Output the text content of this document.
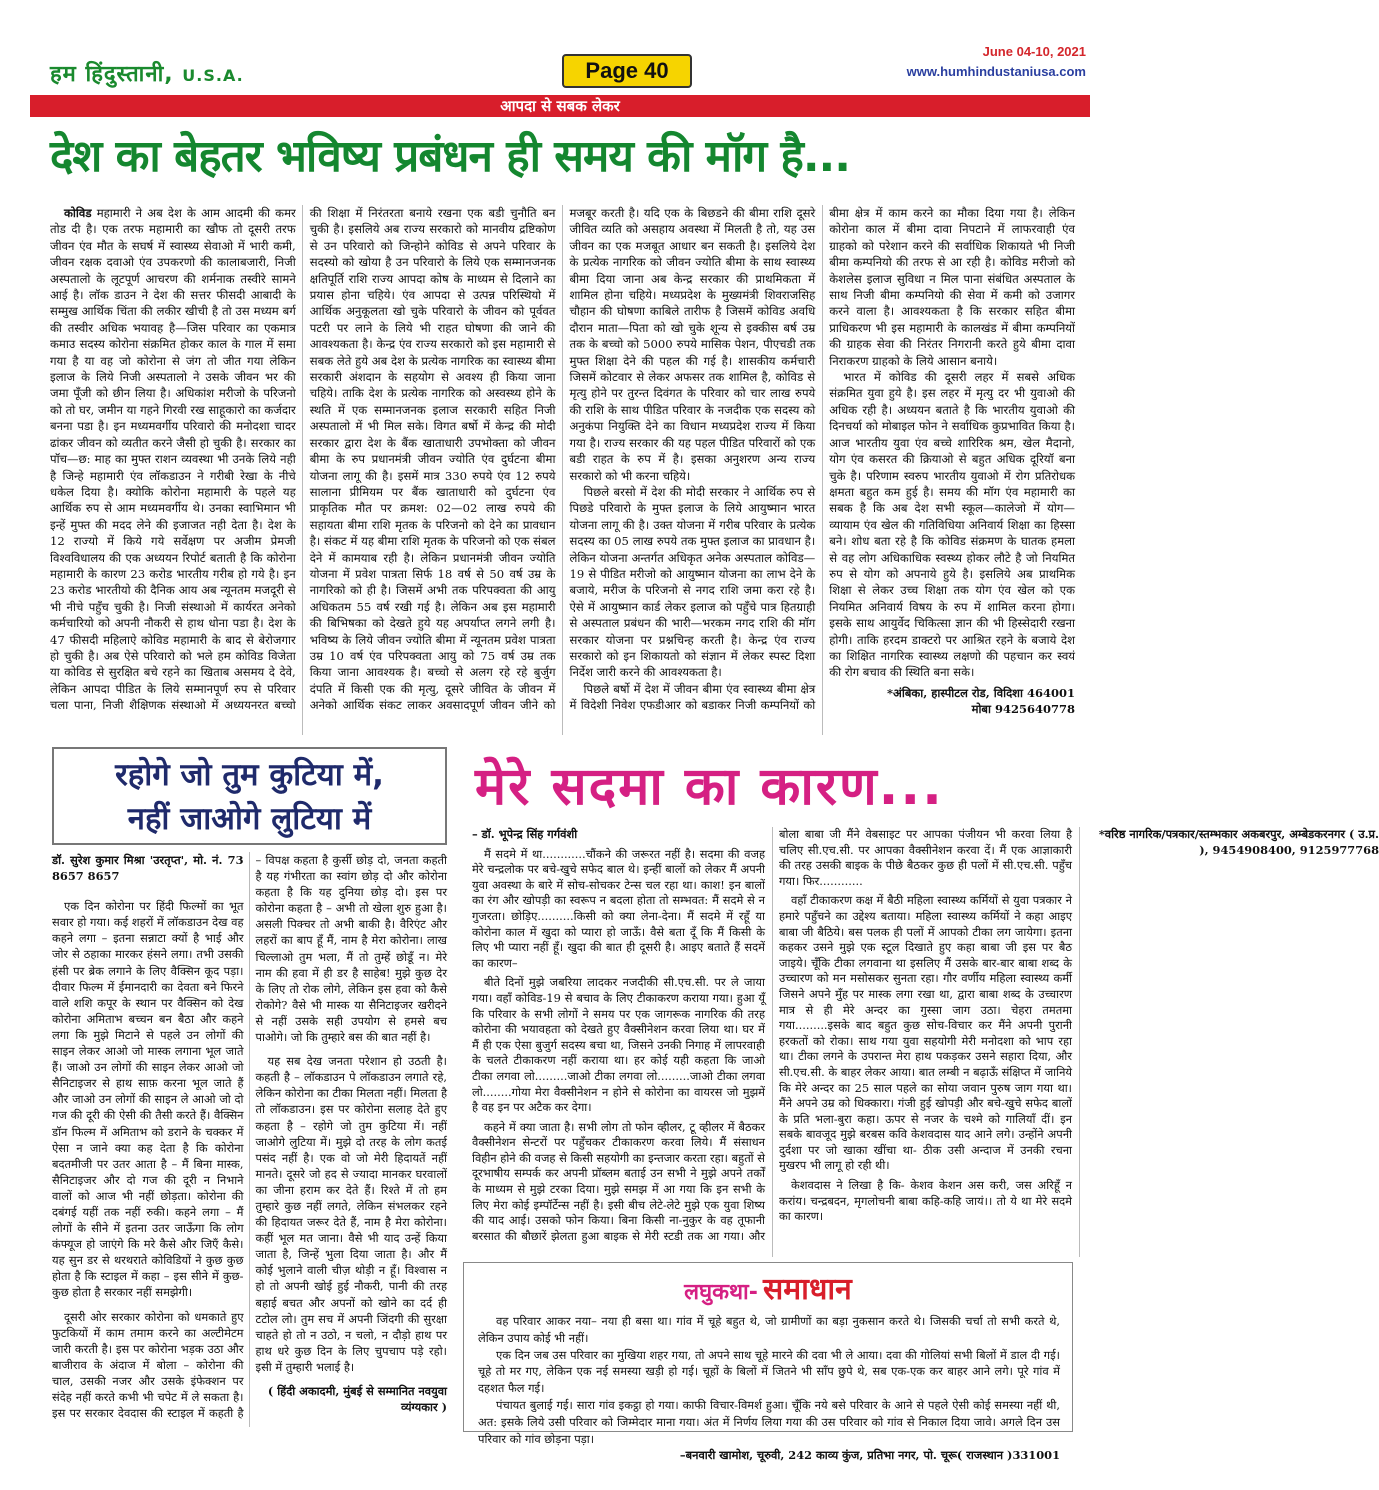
हम हिंदुस्तानी, U.S.A.	Page 40
June 04-10, 2021
www.humhindustaniusa.com
आपदा से सबक लेकर
देश का बेहतर भविष्य प्रबंधन ही समय की मॉग है...

कोविड महामारी ने अब देश के आम आदमी की कमर तोड दी है। एक तरफ महामारी का खौफ तो दूसरी तरफ जीवन एंव मौत के सघर्ष में स्वास्थ्य सेवाओ में भारी कमी, जीवन रक्षक दवाओ एंव उपकरणो की कालाबजारी, निजी अस्पतालो के लूटपूर्ण आचरण की शर्मनाक तस्वीरे सामने आई है। लॉक डाउन ने देश की सत्तर फीसदी आबादी के सम्मुख आर्थिक चिंता की लकीर खीची है तो उस मध्यम बर्ग की तस्वीर अधिक भयावह है—जिस परिवार का एकमात्र कमाउ सदस्य कोरोना संक्रमित होकर काल के गाल में समा गया है या वह जो कोरोना से जंग तो जीत गया लेकिन इलाज के लिये निजी अस्पतालो ने उसके जीवन भर की जमा पूँजी को छीन लिया है। अधिकांश मरीजो के परिजनो को तो घर, जमीन या गहने गिरवी रख साहूकारो का कर्जदार बनना पडा है। इन मध्यमवर्गीय परिवारो की मनोदशा चादर ढांकर जीवन को व्यतीत करने जैसी हो चुकी है। सरकार का पॉच—छ: माह का मुफ्त राशन व्यवस्था भी उनके लिये नही है जिन्हे महामारी एंव लॉकडाउन ने गरीबी रेखा के नीचे धकेल दिया है। क्योकि कोरोना महामारी के पहले यह आर्थिक रुप से आम मध्यमवर्गीय थे। उनका स्वाभिमान भी इन्हें मुफ्त की मदद लेने की इजाजत नही देता है। देश के 12 राज्यो में किये गये सर्वेक्षण पर अजीम प्रेमजी विश्वविधालय की एक अध्ययन रिपोर्ट बताती है कि कोरोना महामारी के कारण 23 करोड भारतीय गरीब हो गये है। इन 23 करोड भारतीयो की दैनिक आय अब न्यूनतम मजदूरी से भी नीचे पहुँच चुकी है। निजी संस्थाओ में कार्यरत अनेको कर्मचारियो को अपनी नौकरी से हाथ धोना पडा है। देश के 47 फीसदी महिलाऐ कोविड महामारी के बाद से बेरोजगार हो चुकी है। अब ऐसे परिवारो को भले हम कोविड विजेता या कोविड से सुरक्षित बचे रहने का खिताब असमय दे देवे, लेकिन आपदा पीडित के लिये सम्मानपूर्ण रुप से परिवार चला पाना, निजी शैक्षिणक संस्थाओ में अध्ययनरत बच्चो की शिक्षा में निरंतरता बनाये रखना एक बडी चुनौति बन चुकी है। इसलिये अब राज्य सरकारो को मानवीय द्रष्टिकोण से उन परिवारो को जिन्होने कोविड से अपने परिवार के सदस्यो को खोया है उन परिवारो के लिये एक सम्मानजनक क्षतिपूर्ति राशि राज्य आपदा कोष के माध्यम से दिलाने का प्रयास होना चहिये। एंव आपदा से उत्पन्न परिस्थियो में आर्थिक अनुकूलता खो चुके परिवारो के जीवन को पूर्ववत पटरी पर लाने के लिये भी राहत घोषणा की जाने की आवश्यकता है। केन्द्र एंव राज्य सरकारो को इस महामारी से सबक लेते हुये अब देश के प्रत्येक नागरिक का स्वास्थ्य बीमा सरकारी अंशदान के सहयोग से अवश्य ही किया जाना चहिये। ताकि देश के प्रत्येक नागरिक को अस्वस्थ्य होने के स्थति में एक सम्मानजनक इलाज सरकारी सहित निजी अस्पतालो में भी मिल सके। विगत बर्षो में केन्द्र की मोदी सरकार द्वारा देश के बैंक खाताधारी उपभोक्ता को जीवन बीमा के रुप प्रधानमंत्री जीवन ज्योति एंव दुर्घटना बीमा योजना लागू की है। इसमें मात्र 330 रुपये एंव 12 रुपये सालाना प्रीमियम पर बैंक खाताधारी को दुर्घटना एंव प्राकृतिक मौत पर क्रमश: 02—02 लाख रुपये की सहायता बीमा राशि मृतक के परिजनो को देने का प्रावधान है। संकट में यह बीमा राशि मृतक के परिजनो को एक संबल देने में कामयाब रही है। लेकिन प्रधानमंत्री जीवन ज्योति योजना में प्रवेश पात्रता सिर्फ 18 वर्ष से 50 वर्ष उम्र के नागरिको को ही है। जिसमें अभी तक परिपक्वता की आयु अधिकतम 55 वर्ष रखी गई है। लेकिन अब इस महामारी की बिभिषका को देखते हुये यह अपर्याप्त लगने लगी है। भविष्य के लिये जीवन ज्योति बीमा में न्यूनतम प्रवेश पात्रता उम्र 10 वर्ष एंव परिपक्वता आयु को 75 वर्ष उम्र तक किया जाना आवश्यक है। बच्चो से अलग रहे रहे बुर्जुग दंपति में किसी एक की मृत्यु, दूसरे जीवित के जीवन में अनेको आर्थिक संकट लाकर अवसादपूर्ण जीवन जीने को मजबूर करती है। यदि एक के बिछडने की बीमा राशि दूसरे जीवित व्यति को असहाय अवस्था में मिलती है तो, यह उस जीवन का एक मजबूत आधार बन सकती है। इसलिये देश के प्रत्येक नागरिक को जीवन ज्योति बीमा के साथ स्वास्थ्य बीमा दिया जाना अब केन्द्र सरकार की प्राथमिकता में शामिल होना चहिये। मध्यप्रदेश के मुख्यमंत्री शिवराजसिह चौहान की घोषणा काबिले तारीफ है जिसमें कोविड अवधि दौरान माता—पिता को खो चुके शून्य से इक्कीस बर्ष उम्र तक के बच्चो को 5000 रुपये मासिक पेशन, पीएचडी तक मुफ्त शिक्षा देने की पहल की गई है। शासकीय कर्मचारी जिसमें कोटवार से लेकर अफसर तक शामिल है, कोविड से मृत्यु होने पर तुरन्त दिवंगत के परिवार को चार लाख रुपये की राशि के साथ पीडित परिवार के नजदीक एक सदस्य को अनुकंपा नियुक्ति देने का विधान मध्यप्रदेश राज्य में किया गया है। राज्य सरकार की यह पहल पीडित परिवारों को एक बडी राहत के रुप में है। इसका अनुशरण अन्य राज्य सरकारो को भी करना चहिये।

पिछले बरसो में देश की मोदी सरकार ने आर्थिक रुप से पिछडे परिवारो के मुफ्त इलाज के लिये आयुष्मान भारत योजना लागू की है। उक्त योजना में गरीब परिवार के प्रत्येक सदस्य का 05 लाख रुपये तक मुफ्त इलाज का प्रावधान है। लेकिन योजना अन्तर्गत अधिकृत अनेक अस्पताल कोविड—19 से पीडित मरीजो को आयुष्मान योजना का लाभ देने के बजाये, मरीज के परिजनो से नगद राशि जमा करा रहे है। ऐसे में आयुष्मान कार्ड लेकर इलाज को पहुँचे पात्र हितग्राही से अस्पताल प्रबंधन की भारी—भरकम नगद राशि की मॉग सरकार योजना पर प्रश्नचिन्ह करती है। केन्द्र एंव राज्य सरकारो को इन शिकायतो को संज्ञान में लेकर स्पस्ट दिशा निर्देश जारी करने की आवश्यकता है।

पिछले बर्षो में देश में जीवन बीमा एंव स्वास्थ्य बीमा क्षेत्र में विदेशी निवेश एफडीआर को बडाकर निजी कम्पनियों को बीमा क्षेत्र में काम करने का मौका दिया गया है। लेकिन कोरोना काल में बीमा दावा निपटाने में लाफरवाही एंव ग्राहको को परेशान करने की सर्वाधिक शिकायते भी निजी बीमा कम्पनियो की तरफ से आ रही है। कोविड मरीजो को केशलेस इलाज सुविधा न मिल पाना संबंधित अस्पताल के साथ निजी बीमा कम्पनियो की सेवा में कमी को उजागर करने वाला है। आवश्यकता है कि सरकार सहित बीमा प्राधिकरण भी इस महामारी के कालखंड में बीमा कम्पनियों की ग्राहक सेवा की निरंतर निगरानी करते हुये बीमा दावा निराकरण ग्राहको के लिये आसान बनाये।

भारत में कोविड की दूसरी लहर में सबसे अधिक संक्रमित युवा हुये है। इस लहर में मृत्यु दर भी युवाओ की अधिक रही है। अध्ययन बताते है कि भारतीय युवाओ की दिनचर्या को मोबाइल फोन ने सर्वाधिक कुप्रभावित किया है। आज भारतीय युवा एंव बच्चे शारिरिक श्रम, खेल मैदानो, योग एंव कसरत की क्रियाओ से बहुत अधिक दूरियॉ बना चुके है। परिणाम स्वरुप भारतीय युवाओ में रोग प्रतिरोधक क्षमता बहुत कम हुई है। समय की मॉग एंव महामारी का सबक है कि अब देश सभी स्कूल—कालेजो में योग—व्यायाम एंव खेल की गतिविधिया अनिवार्य शिक्षा का हिस्सा बने। शोध बता रहे है कि कोविड संक्रमण के घातक हमला से वह लोग अधिकाधिक स्वस्थ्य होकर लौटे है जो नियमित रुप से योग को अपनाये हुये है। इसलिये अब प्राथमिक शिक्षा से लेकर उच्च शिक्षा तक योग एंव खेल को एक नियमित अनिवार्य विषय के रुप में शामिल करना होगा। इसके साथ आयुर्वेद चिकित्सा ज्ञान की भी हिस्सेदारी रखना होगी। ताकि हरदम डाक्टरो पर आश्रित रहने के बजाये देश का शिक्षित नागरिक स्वास्थ्य लक्षणो की पहचान कर स्वयं की रोग बचाव की स्थिति बना सके।

*अंबिका, हास्पीटल रोड, विदिशा 464001
मोबा 9425640778
रहोगे जो तुम कुटिया में,
नहीं जाओगे लुटिया में

डॉ. सुरेश कुमार मिश्रा 'उरतृप्त', मो. नं. 73 8657 8657

एक दिन कोरोना पर हिंदी फिल्मों का भूत सवार हो गया। कई शहरों में लॉकडाउन देख वह कहने लगा – इतना सन्नाटा क्यों है भाई और जोर से ठहाका मारकर हंसने लगा। तभी उसकी हंसी पर ब्रेक लगाने के लिए वैक्सिन कूद पड़ा। दीवार फिल्म में ईमानदारी का देवता बने फिरने वाले शशि कपूर के स्थान पर वैक्सिन को देख कोरोना अमिताभ बच्चन बन बैठा और कहने लगा कि मुझे मिटाने से पहले उन लोगों की साइन लेकर आओ जो मास्क लगाना भूल जाते हैं। जाओ उन लोगों की साइन लेकर आओ जो सैनिटाइजर से हाथ साफ़ करना भूल जाते हैं और जाओ उन लोगों की साइन ले आओ जो दो गज की दूरी की ऐसी की तैसी करते हैं। वैक्सिन डॉन फिल्म में अमिताभ को डराने के चक्कर में ऐसा न जाने क्या कह देता है कि कोरोना बदतमीजी पर उतर आता है – मैं बिना मास्क, सैनिटाइजर और दो गज की दूरी न निभाने वालों को आज भी नहीं छोड़ता। कोरोना की दबंगई यहीं तक नहीं रुकी। कहने लगा – मैं लोगों के सीने में इतना उतर जाऊँगा कि लोग कंफ्यूज हो जाएंगे कि मरे कैसे और जिएँ कैसे। यह सुन डर से थरथराते कोविडियों ने कुछ कुछ होता है कि स्टाइल में कहा – इस सीने में कुछ-कुछ होता है सरकार नहीं समझेगी।

दूसरी ओर सरकार कोरोना को धमकाते हुए फुटकियों में काम तमाम करने का अल्टीमेटम जारी करती है। इस पर कोरोना भड़क उठा और बाजीराव के अंदाज में बोला – कोरोना की चाल, उसकी नजर और उसके इंफेक्शन पर संदेह नहीं करते कभी भी चपेट में ले सकता है। इस पर सरकार देवदास की स्टाइल में कहती है – विपक्ष कहता है कुर्सी छोड़ दो, जनता कहती है यह गंभीरता का स्वांग छोड़ दो और कोरोना कहता है कि यह दुनिया छोड़ दो। इस पर कोरोना कहता है – अभी तो खेला शुरु हुआ है। असली पिक्चर तो अभी बाकी है। वैरिएंट और लहरों का बाप हूँ मैं, नाम है मेरा कोरोना। लाख चिल्लाओ तुम भला, मैं तो तुम्हें छोडूँ न। मेरे नाम की हवा में ही डर है साहेब! मुझे कुछ देर के लिए तो रोक लोगे, लेकिन इस हवा को कैसे रोकोगे? वैसे भी मास्क या सैनिटाइजर खरीदने से नहीं उसके सही उपयोग से हमसे बच पाओगे। जो कि तुम्हारे बस की बात नहीं है।

यह सब देख जनता परेशान हो उठती है। कहती है – लॉकडाउन पे लॉकडाउन लगाते रहे, लेकिन कोरोना का टीका मिलता नहीं। मिलता है तो लॉकडाउन। इस पर कोरोना सलाह देते हुए कहता है – रहोगे जो तुम कुटिया में। नहीं जाओगे लुटिया में। मुझे दो तरह के लोग कतई पसंद नहीं है। एक वो जो मेरी हिदायतें नहीं मानते। दूसरे जो हद से ज्यादा मानकर घरवालों का जीना हराम कर देते हैं। रिश्ते में तो हम तुम्हारे कुछ नहीं लगते, लेकिन संभलकर रहने की हिदायत जरूर देते हैं, नाम है मेरा कोरोना। कहीं भूल मत जाना। वैसे भी याद उन्हें किया जाता है, जिन्हें भुला दिया जाता है। और मैं कोई भुलाने वाली चीज़ थोड़ी न हूँ। विश्वास न हो तो अपनी खोई हुई नौकरी, पानी की तरह बहाई बचत और अपनों को खोने का दर्द ही टटोल लो। तुम सच में अपनी जिंदगी की सुरक्षा चाहते हो तो न उठो, न चलो, न दौड़ो हाथ पर हाथ धरे कुछ दिन के लिए चुपचाप पड़े रहो। इसी में तुम्हारी भलाई है।

( हिंदी अकादमी, मुंबई से सम्मानित नवयुवा व्यंग्यकार )

मेरे सदमा का कारण...

– डॉ. भूपेन्द्र सिंह गर्गवंशी

मैं सदमे में था............चौंकने की जरूरत नहीं है। सदमा की वजह मेरे चन्द्रलोक पर बचे-खुचे सफेद बाल थे। इन्हीं बालों को लेकर मैं अपनी युवा अवस्था के बारे में सोच-सोचकर टेन्स चल रहा था। काश! इन बालों का रंग और खोपड़ी का स्वरूप न बदला होता तो सम्भवत: मैं सदमे से न गुजरता। छोड़िए..........किसी को क्या लेना-देना। मैं सदमे में रहूँ या कोरोना काल में खुदा को प्यारा हो जाऊँ। वैसे बता दूँ कि मैं किसी के लिए भी प्यारा नहीं हूँ। खुदा की बात ही दूसरी है। आइए बताते हैं सदमें का कारण–

बीते दिनों मुझे जबरिया लादकर नजदीकी सी.एच.सी. पर ले जाया गया। वहाँ कोविड-19 से बचाव के लिए टीकाकरण कराया गया। हुआ यूँ कि परिवार के सभी लोगों ने समय पर एक जागरूक नागरिक की तरह कोरोना की भयावहता को देखते हुए वैक्सीनेशन करवा लिया था। घर में मैं ही एक ऐसा बुजुर्ग सदस्य बचा था, जिसने उनकी निगाह में लापरवाही के चलते टीकाकरण नहीं कराया था। हर कोई यही कहता कि जाओ टीका लगवा लो.........जाओ टीका लगवा लो.........जाओ टीका लगवा लो........गोया मेरा वैक्सीनेशन न होने से कोरोना का वायरस जो मुझमें है वह इन पर अटैक कर देगा।

कहने में क्या जाता है। सभी लोग तो फोन व्हीलर, टू व्हीलर में बैठकर वैक्सीनेशन सेन्टरों पर पहुँचकर टीकाकरण करवा लिये। मैं संसाधन विहीन होने की वजह से किसी सहयोगी का इन्तजार करता रहा। बहुतों से दूरभाषीय सम्पर्क कर अपनी प्रॉब्लम बताई उन सभी ने मुझे अपने तर्कों के माध्यम से मुझे टरका दिया। मुझे समझ में आ गया कि इन सभी के लिए मेरा कोई इम्पॉर्टेन्स नहीं है। इसी बीच लेटे-लेटे मुझे एक युवा शिष्य की याद आई। उसको फोन किया। बिना किसी ना-नुकुर के वह तूफानी बरसात की बौछारें झेलता हुआ बाइक से मेरी स्टडी तक आ गया। और बोला बाबा जी मैंने वेबसाइट पर आपका पंजीयन भी करवा लिया है चलिए सी.एच.सी. पर आपका वैक्सीनेशन करवा दें। मैं एक आज्ञाकारी की तरह उसकी बाइक के पीछे बैठकर कुछ ही पलों में सी.एच.सी. पहुँच गया। फिर............

वहाँ टीकाकरण कक्ष में बैठी महिला स्वास्थ्य कर्मियों से युवा पत्रकार ने हमारे पहुँचने का उद्देश्य बताया। महिला स्वास्थ्य कर्मियों ने कहा आइए बाबा जी बैठिये। बस पलक ही पलों में आपको टीका लग जायेगा। इतना कहकर उसने मुझे एक स्टूल दिखाते हुए कहा बाबा जी इस पर बैठ जाइये। चूँकि टीका लगवाना था इसलिए मैं उसके बार-बार बाबा शब्द के उच्चारण को मन मसोसकर सुनता रहा। गौर वर्णीय महिला स्वास्थ्य कर्मी जिसने अपने मुँह पर मास्क लगा रखा था, द्वारा बाबा शब्द के उच्चारण मात्र से ही मेरे अन्दर का गुस्सा जाग उठा। चेहरा तमतमा गया.........इसके बाद बहुत कुछ सोच-विचार कर मैंने अपनी पुरानी हरकतों को रोका। साथ गया युवा सहयोगी मेरी मनोदशा को भाप रहा था। टीका लगने के उपरान्त मेरा हाथ पकड़कर उसने सहारा दिया, और सी.एच.सी. के बाहर लेकर आया। बात लम्बी न बढ़ाऊँ संक्षिप्त में जानिये कि मेरे अन्दर का 25 साल पहले का सोया जवान पुरुष जाग गया था। मैंने अपने उम्र को धिक्कारा। गंजी हुई खोपड़ी और बचे-खुचे सफेद बालों के प्रति भला-बुरा कहा। ऊपर से नजर के चश्मे को गालियाँ दीं। इन सबके बावजूद मुझे बरबस कवि केशवदास याद आने लगे। उन्होंने अपनी दुर्दशा पर जो खाका खींचा था- ठीक उसी अन्दाज में उनकी रचना मुखरप भी लागू हो रही थी।

केशवदास ने लिखा है कि- केशव केशन अस करी, जस अरिहूँ न करांय। चन्द्रबदन, मृगलोचनी बाबा कहि-कहि जायं।। तो ये था मेरे सदमे का कारण।

*वरिष्ठ नागरिक/पत्रकार/स्तम्भकार अकबरपुर, अम्बेडकरनगर ( उ.प्र. ), 9454908400, 9125977768

लघुकथा- समाधान

वह परिवार आकर नया– नया ही बसा था। गांव में चूहे बहुत थे, जो ग्रामीणों का बड़ा नुकसान करते थे। जिसकी चर्चा तो सभी करते थे, लेकिन उपाय कोई भी नहीं।

एक दिन जब उस परिवार का मुखिया शहर गया, तो अपने साथ चूहे मारने की दवा भी ले आया। दवा की गोलियां सभी बिलों में डाल दी गई। चूहे तो मर गए, लेकिन एक नई समस्या खड़ी हो गई। चूहों के बिलों में जितने भी साँप छुपे थे, सब एक-एक कर बाहर आने लगे। पूरे गांव में दहशत फैल गई।

पंचायत बुलाई गई। सारा गांव इकट्ठा हो गया। काफी विचार-विमर्श हुआ। चूँकि नये बसे परिवार के आने से पहले ऐसी कोई समस्या नहीं थी, अत: इसके लिये उसी परिवार को जिम्मेदार माना गया। अंत में निर्णय लिया गया की उस परिवार को गांव से निकाल दिया जावे। अगले दिन उस परिवार को गांव छोड़ना पड़ा।

–बनवारी खामोश, चूरुवी, 242 काव्य कुंज, प्रतिभा नगर, पो. चूरू( राजस्थान )331001
